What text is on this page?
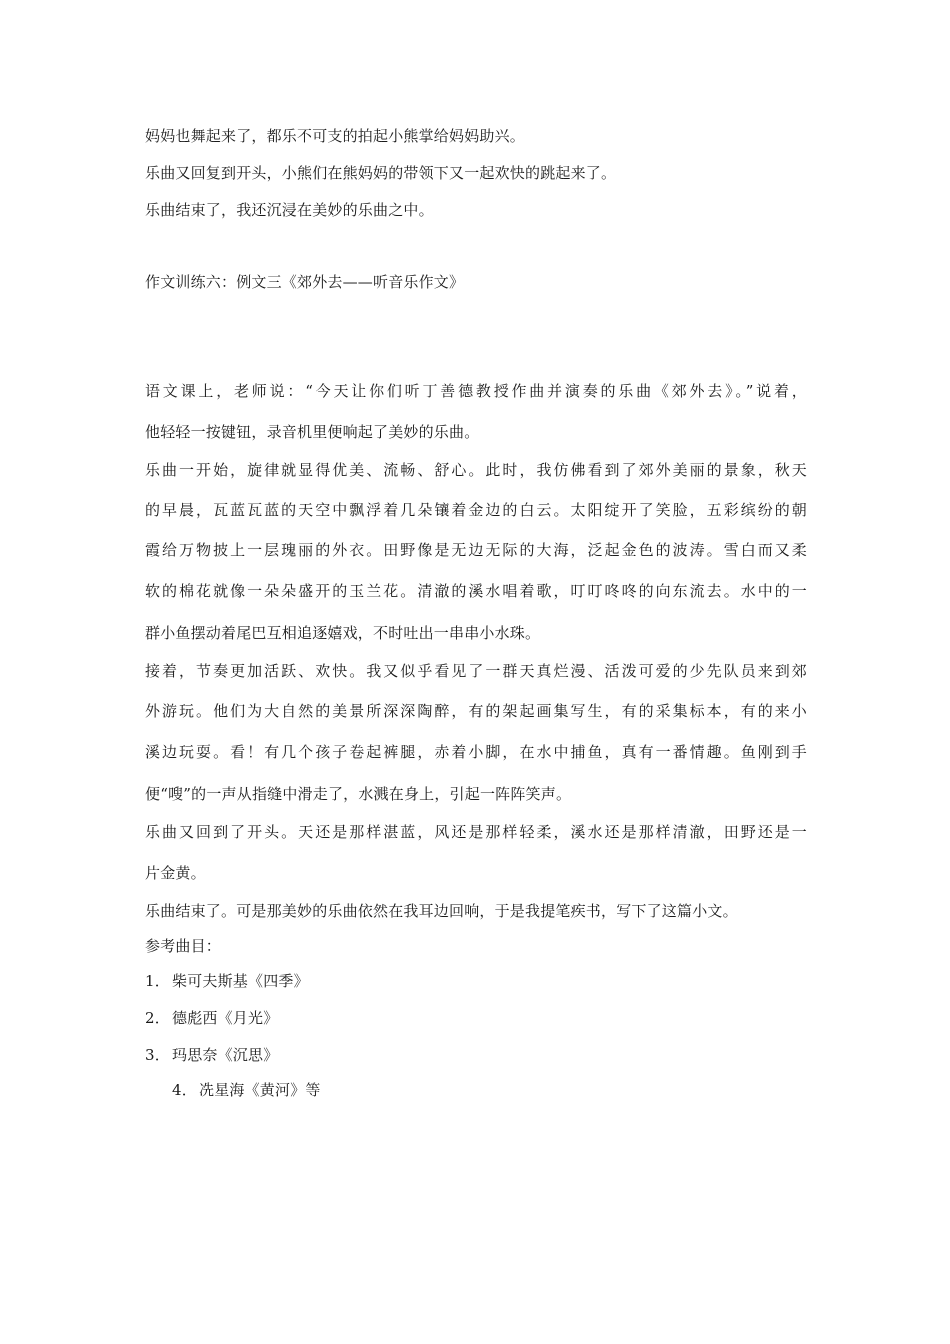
妈妈也舞起来了，都乐不可支的拍起小熊掌给妈妈助兴。
乐曲又回复到开头，小熊们在熊妈妈的带领下又一起欢快的跳起来了。
乐曲结束了，我还沉浸在美妙的乐曲之中。
作文训练六：例文三《郊外去——听音乐作文》
语文课上，老师说：“今天让你们听丁善德教授作曲并演奏的乐曲《郊外去》。”说着，
他轻轻一按键钮，录音机里便响起了美妙的乐曲。
乐曲一开始，旋律就显得优美、流畅、舒心。此时，我仿佛看到了郊外美丽的景象，秋天
的早晨，瓦蓝瓦蓝的天空中飘浮着几朵镶着金边的白云。太阳绽开了笑脸，五彩缤纷的朝
霞给万物披上一层瑰丽的外衣。田野像是无边无际的大海，泛起金色的波涛。雪白而又柔
软的棉花就像一朵朵盛开的玉兰花。清澈的溪水唱着歌，叮叮咚咚的向东流去。水中的一
群小鱼摆动着尾巴互相追逐嬉戏，不时吐出一串串小水珠。
接着，节奏更加活跃、欢快。我又似乎看见了一群天真烂漫、活泼可爱的少先队员来到郊
外游玩。他们为大自然的美景所深深陶醉，有的架起画集写生，有的采集标本，有的来小
溪边玩耍。看！有几个孩子卷起裤腿，赤着小脚，在水中捕鱼，真有一番情趣。鱼刚到手
便“嗖”的一声从指缝中滑走了，水溅在身上，引起一阵阵笑声。
乐曲又回到了开头。天还是那样湛蓝，风还是那样轻柔，溪水还是那样清澈，田野还是一
片金黄。
乐曲结束了。可是那美妙的乐曲依然在我耳边回响，于是我提笔疾书，写下了这篇小文。
参考曲目：
1． 柴可夫斯基《四季》
2． 德彪西《月光》
3． 玛思奈《沉思》
4． 冼星海《黄河》等
